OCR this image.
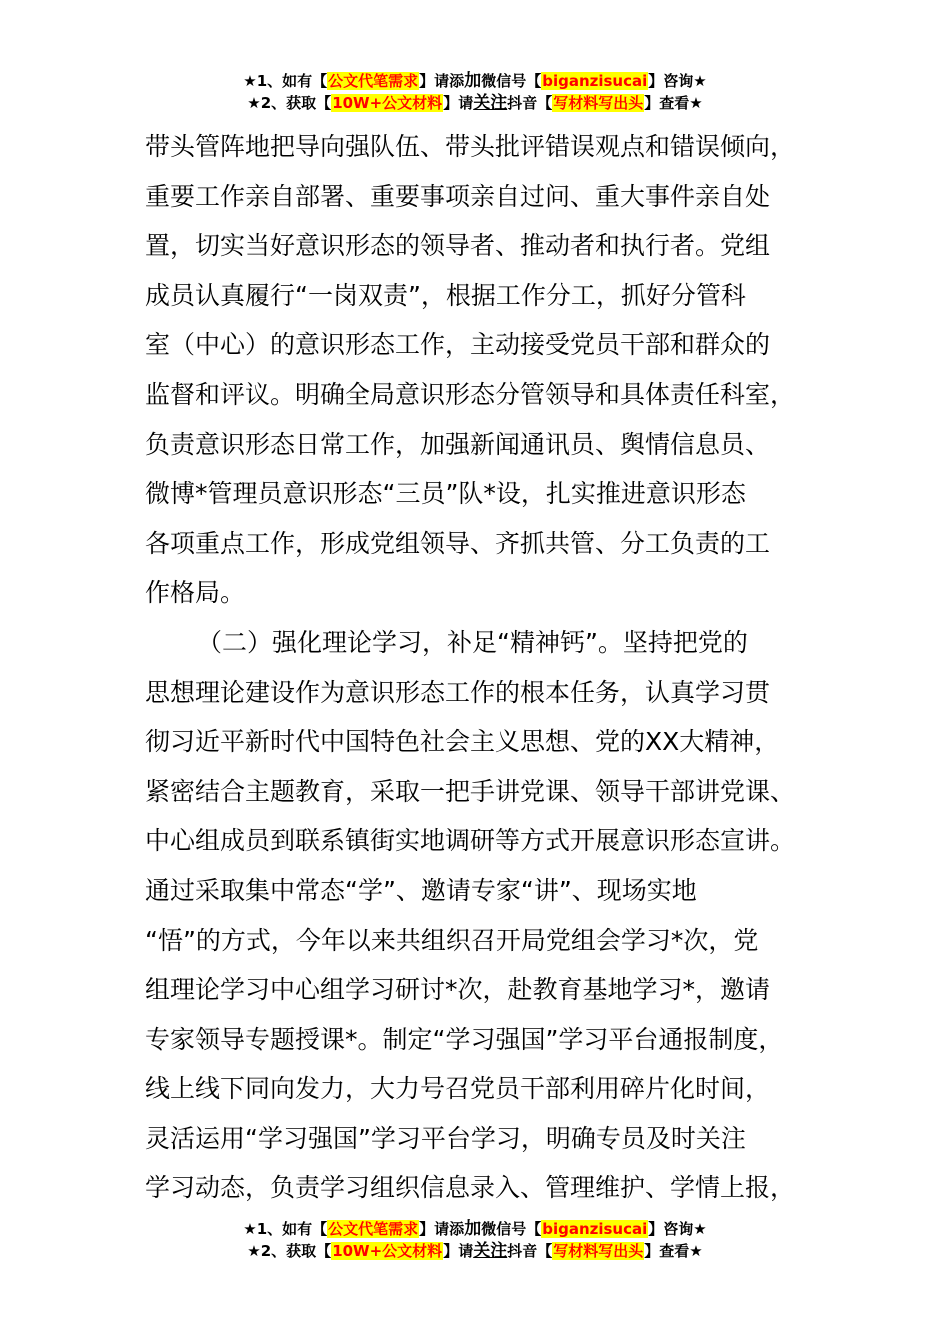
★1、如有【公文代笔需求】请添加微信号【biganzisucai】咨询★
★2、获取【10W+公文材料】请关注抖音【写材料写出头】查看★
带头管阵地把导向强队伍、带头批评错误观点和错误倾向，
重要工作亲自部署、重要事项亲自过问、重大事件亲自处
置，切实当好意识形态的领导者、推动者和执行者。党组
成员认真履行“一岗双责”，根据工作分工，抓好分管科
室（中心）的意识形态工作，主动接受党员干部和群众的
监督和评议。明确全局意识形态分管领导和具体责任科室，
负责意识形态日常工作，加强新闻通讯员、舆情信息员、
微博*管理员意识形态“三员”队*设，扎实推进意识形态
各项重点工作，形成党组领导、齐抓共管、分工负责的工
作格局。
（二）强化理论学习，补足“精神钙”。坚持把党的
思想理论建设作为意识形态工作的根本任务，认真学习贯
彻习近平新时代中国特色社会主义思想、党的XX大精神，
紧密结合主题教育，采取一把手讲党课、领导干部讲党课、
中心组成员到联系镇街实地调研等方式开展意识形态宣讲。
通过采取集中常态“学”、邀请专家“讲”、现场实地
“悟”的方式，今年以来共组织召开局党组会学习*次，党
组理论学习中心组学习研讨*次，赴教育基地学习*，邀请
专家领导专题授课*。制定“学习强国”学习平台通报制度，
线上线下同向发力，大力号召党员干部利用碎片化时间，
灵活运用“学习强国”学习平台学习，明确专员及时关注
学习动态，负责学习组织信息录入、管理维护、学情上报，
★1、如有【公文代笔需求】请添加微信号【biganzisucai】咨询★
★2、获取【10W+公文材料】请关注抖音【写材料写出头】查看★
